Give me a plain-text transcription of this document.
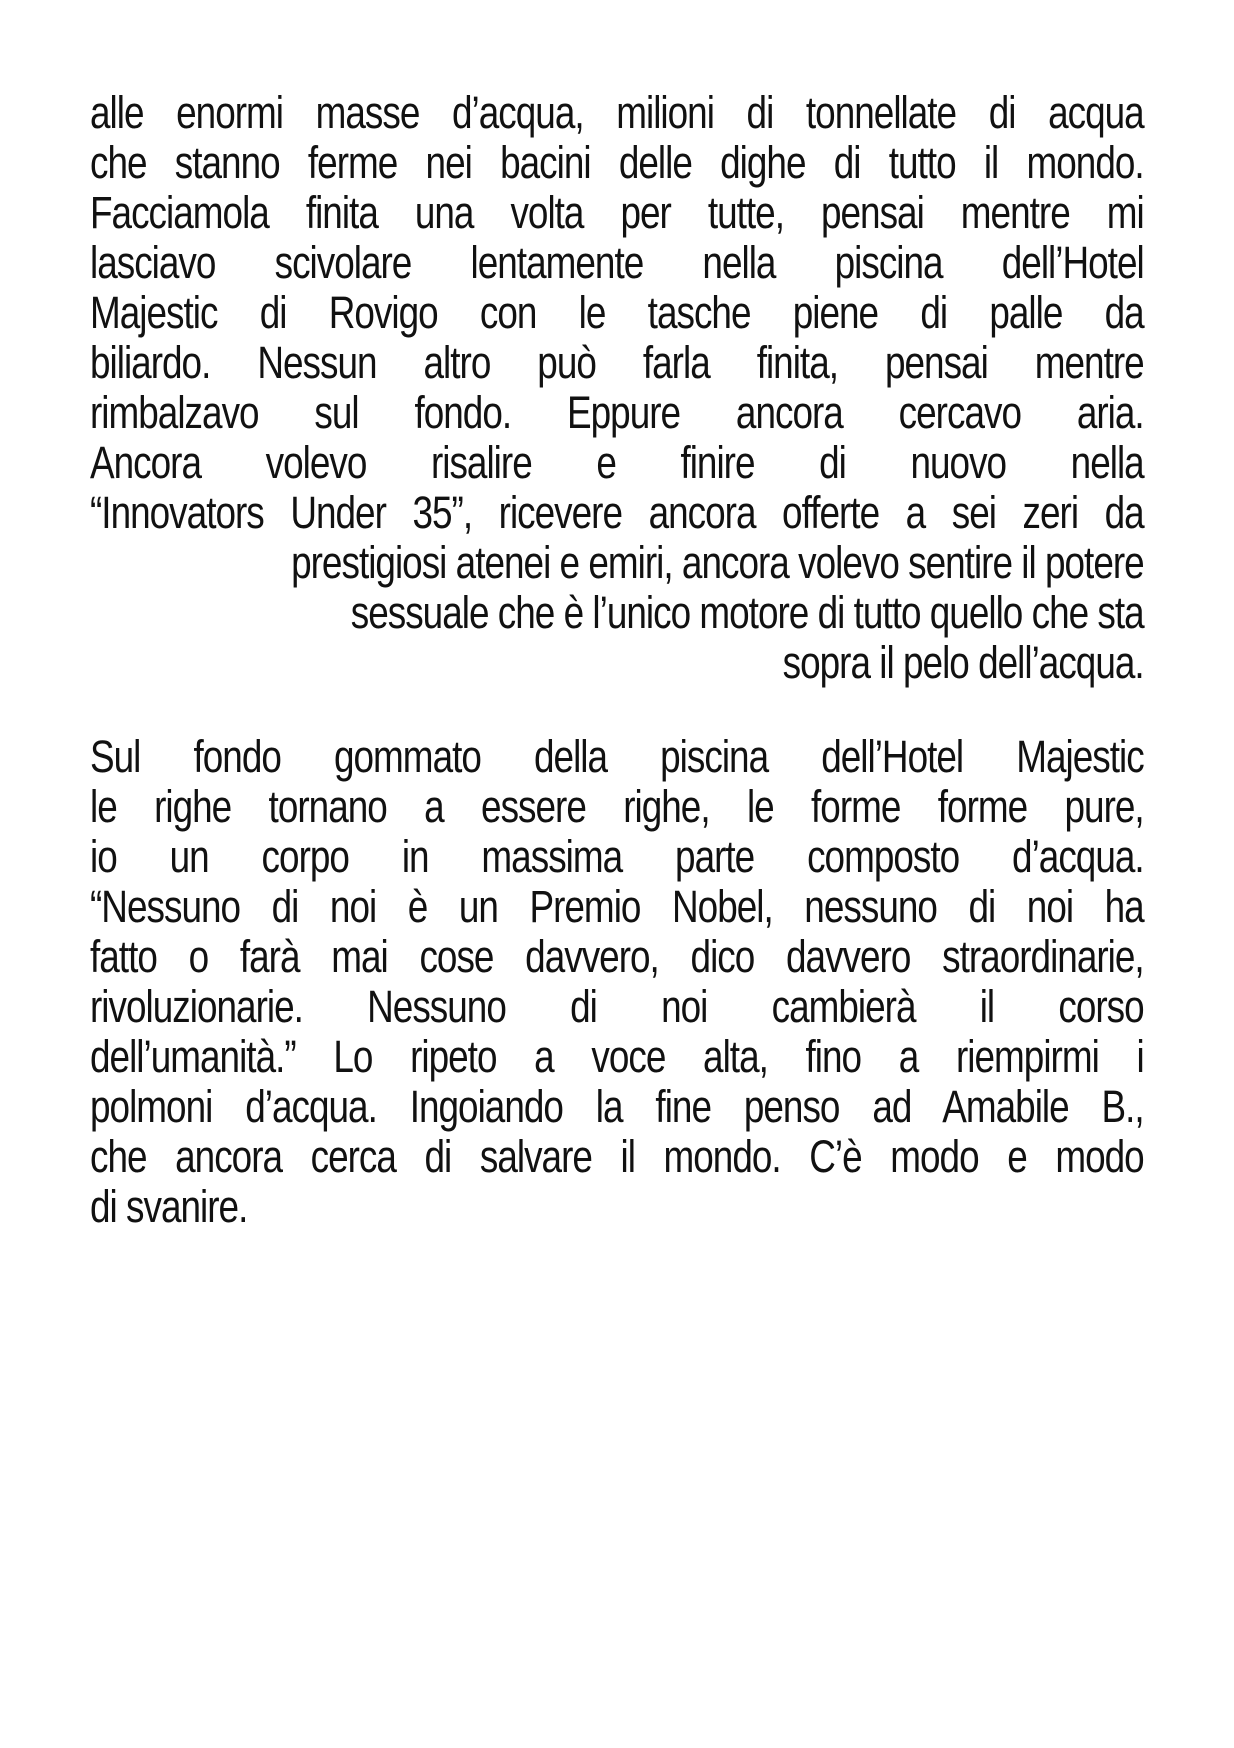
alle enormi masse d’acqua, milioni di tonnellate di acqua
che stanno ferme nei bacini delle dighe di tutto il mondo.
Facciamola finita una volta per tutte, pensai mentre mi
lasciavo scivolare lentamente nella piscina dell’Hotel
Majestic di Rovigo con le tasche piene di palle da
biliardo. Nessun altro può farla finita, pensai mentre
rimbalzavo sul fondo. Eppure ancora cercavo aria.
Ancora volevo risalire e finire di nuovo nella
“Innovators Under 35”, ricevere ancora offerte a sei zeri da
prestigiosi atenei e emiri, ancora volevo sentire il potere
sessuale che è l’unico motore di tutto quello che sta
sopra il pelo dell’acqua.
Sul fondo gommato della piscina dell’Hotel Majestic
le righe tornano a essere righe, le forme forme pure,
io un corpo in massima parte composto d’acqua.
“Nessuno di noi è un Premio Nobel, nessuno di noi ha
fatto o farà mai cose davvero, dico davvero straordinarie,
rivoluzionarie. Nessuno di noi cambierà il corso
dell’umanità.” Lo ripeto a voce alta, fino a riempirmi i
polmoni d’acqua. Ingoiando la fine penso ad Amabile B.,
che ancora cerca di salvare il mondo. C’è modo e modo
di svanire.
